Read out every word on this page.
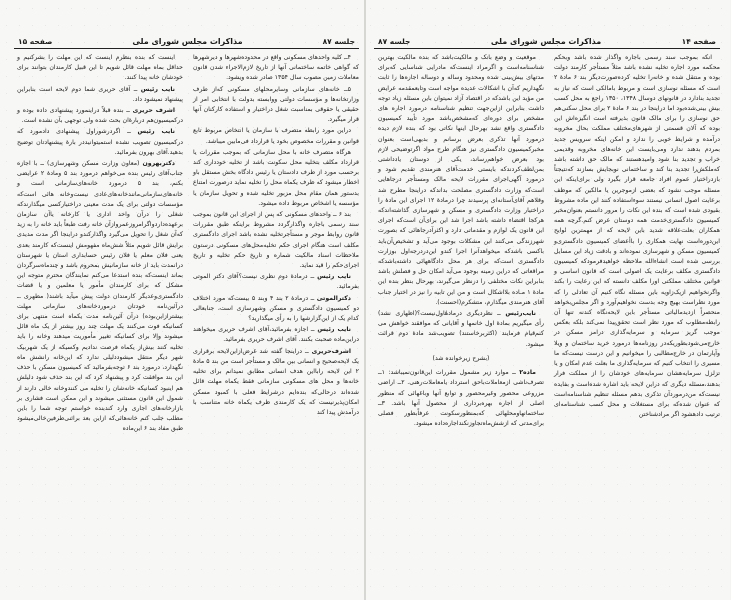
جلسه ۸۷
مذاکرات مجلس شورای ملی
صفحه ۱۵

۴ــ کلیه واحدهای مسکونی واقع در محدوده‌شهرها و دیرشهرها که گواهی خاتمه ساختمانی آنها از تاریخ لازم‌الاجراء شدن قانون معاملات زمین مصوب سال ۱۳۵۴ صادر شده ویشود.

۵ــ خانه‌های سازمانی وسایرمحلهای مسکونی که‌از طرف وزارتخانه‌ها و مؤسسات دولتی ووابسته بدولت با انتخابی امر از حقیقی یا حقوقی بمناسبت شغل دراختیار و استفاده کارکنان آنها قرار میگیرد.

دراین مورد رابطه متصرف با سازمان یا انتخاص مربوط تابع قوانین و مقررات مخصوص بخود یا قرارداد فی‌مابین میباشد.

هرگاه متصرف خانه با محل سازمانی که بموجب مقررات یا قرارداد مکلف بتخلیه محل سکونت باشد از تخلیه خودداری کند برحسب مورد از طرف دادستان یا رئیس دادگاه بخش مستقل باو اخطار میشود که ظرف یکماه محل را تخلیه نماید درصورت امتناع بدستور همان مقام محل مزبور تخلیه شده و تحویل سازمان یا مؤسسه یا اشخاص مربوط داده میشود.

بند ۶ ــ واحدهای مسکونی که پس از اجرای این قانون بموجب سند رسمی باجاره واگذارگردد مشروط براینکه طبق مقررات قانون روابط موجر و مستأجرتخلیه نشده باشد اجرای دادگستری مکلف است هنگام اجرای حکم تخلیه‌محل‌های مسکونی درستون ملاحظات اسناد مالکیت شماره و تاریخ حکم تخلیه و تاریخ اجرای‌حکم را قید نماید.

نایب رئیس ــ درمادهٔ دوم نظری نیست؟آقای دکتر الموتی بفرمائید.

دکترالموتی ــ درمادهٔ ۲ بند ۴ وبند ۵ بیست‌که مورد اختلاف دو کمیسیون دادگستری و مسکن وشهرسازی است، جنابعالی کدام یک از این‌گزارشها را به رأی میگذارید؟

نایب رئیس ــ اجازه بفرمائید،آقای اشرف حریری میخواهند دراین‌ماده صحبت بکنند. آقای اشرف حریری بفرمائید.

اشرف‌حریری ــ دراینجا گفته شد غرض‌ازاین‌لایحه برقراری یک لایحه‌صحیح و انسانی بین مالک و مستأجر است من بند ۵ مادهٔ ۲ این لایحه رابااین هدف انسانی مطابق نمیدانم برای تخلیه خانه‌ها و محل های مسکونی سازمانی فقط یکماه مهلت قائل شده‌اند درحالی‌که بنده‌ایم درشرایط فعلی با کمبود مسکن امکان‌پذیرنیست که یک کارمندی ظرف یکماه خانه متناسب با درآمدش پیدا کند

اینست که بنده بنظرم اینست که این مهلت را بشرکنیم و حداقل بماه مهلت قائل شویم تا این قبیل کارمندان بتوانند برای خودشان خانه پیدا کنند.

نایب رئیس ــ آقای حریری شما دوم لایحه است بنابراین پیشنهاد نمیشود داد.

اشرف حریری ــ بنده قبلاً دراینمورد پیشنهادی داده بوده و درکمیسیون‌هم دربارهٔ‌ان بحث شده ولی توجهی بآن نشده است.

نایب رئیس ــ اگردرشوراول پیشنهادی دادمورد که درکمیسیون تصویب نشده استمیتوانیددر بارهٔ پیشنهادتان توضیح بدهید.آقای بهرون بفرمائید.

دکتربهرون (معاون وزارت مسکن وشهرسازی) ــ با اجازه جناب‌آقای رئیس بنده می‌خواهم درمورد بند ۵ ومادهٔ ۲ عرایضی بکنم، بند ۵ درمورد خانه‌های‌سازمانی است و خانه‌های‌سازمانی‌مانندخانه‌های‌عادی نیست‌وخانه هائی است‌که مؤسسات دولتی برای یک مدت معینی دراختیارکسی میگذارند‌که شغلی را درآن واحد اداری یا کارخانه یاآن سازمان برعهده‌داردواگرامروزعمرواز‌آن خانه رفت طبعاً باید خانه را به زید که‌آن شغل را تحویل می‌گیرد واگذارکندو دراینجا اگر مدت مدیدی برایش قائل شویم مثلاً شش‌ماه مفهومش اینست‌که کارمند بعدی یعنی فلان معلم یا فلان رئیس حسابداری استان یا شهرستان درانمدت باید از خانه سازمانیش بمحروم باشد و چندماه‌سرگردان بماند اینست‌که بنده استدعا می‌کنم نمایندگان محترم متوجه این مشکل که برای کارمندان مأمور یا معلمین و یا قضات دادگستری‌وعدیگر کارمندان دولت پیش میآید باشند( مطهری ــ درآئین‌نامه خودتان درموردخانه‌های سازمانی مهلت بیشترازاین‌بوده) درآن آئین‌نامه مدت یکماه است منتهی برای کسانیکه فوت می‌کنند یک مهلت چند روز بیشتر از یک ماه قائل میشوند واِلا برای کسانیکه تغییر مأموریت میدهند وخانه را باید تخلیه کنند بیش‌از یکماه فرصت ندادیم وکسیکه از یک شهربیک شهر دیگر منتقل میشوددلیلی ندارد که این‌خانه رانشش ماه نگهدارد، درمورد بند ۶ توجه‌بفرمائید که کمیسیون مسکن با حذف این بند موافقت کرد و پیشنهاد کرد که این بند حذف شود دلیلش هم اینبود کسانیکه خانه‌شان را تخلیه می کنندوخانه خالی دارند از شمول این قانون مستثنی میشوند و این ممکن است فشاری بر بازارخانه‌های اجاری وارد کندبنده خواستم توجه شما را باین مطلب جلب کنم خانه‌هائی‌که ازاین بعد براثنی‌طرفین‌خالی‌میشود طبق مفاد بند ۶ این‌ماده

صفحه ۱۴
مذاکرات مجلس شورای ملی
جلسه ۸۷

انکه بموجب سند رسمی باجاره واگذار شده باشد وبحکم محکمه مورد اجاره تخلیه نشده باشد مثلاً مستأجر کارمند دولت بوده و منتقل شده و خانه‌را تخلیه کرده‌صورت‌دیگر بند ۶ مادهٔ ۲ است که مسئله نوسازی است و مربوط بامالکی است که نیاز به تجدید بنادارد در قانونهای دوسال ۱۳۴۸، ۱۳۵۰ راجع به محل کسب بیش بینی‌شده‌بود اما دراینجا در بند ۶ مادهٔ ۲ برای محل سکنی‌هم حق نوسازی را برای مالک قانون بذیرفته است انگیزه‌اش این بوده که آلان قسمتی از شهرهای‌مختلف مملکت بحال مخروبه درآمده و شرایط خوبی را ندارد و امکن اینکه سرویس جدید بمردم بدهند ندارد ومی‌بایست این خانه‌های مخروبه وقدیمی خراب و تجدید بنا شود وامیدهستند که مالک حق داشته باشد که‌ملکش‌را تجدید بنا کند و ساختمانی نوبجایش بسازند که‌نتیجتاً بازدراختیار عموم افراد جامعه قرار بگیرد ولی برای‌اینکه این مسئله موجب نشود که بعضی ازموجرین یا مالکین که موظف برعایت اصول انسانی نیستند سوءاستفاده کنند این ماده مشروط بقیودی شده است که بنده این نکات را مرور دانستم بعنوان‌مخبر کمیسیون دادگستری‌خدمت همه دوستان عرض کنم.گرچه همه همکاران بعلت‌علاقه شدید باین لایحه که از مهمترین لوایح این‌دوره‌است نهایت همکاری را باأعضای کمیسیون دادگستری‌و کمیسیون مسکن و شهرسازی نموده‌اند و بادقت زیاد این مسایل بررسی شده است انشاءالله ملاحظه خواهیدفرمودکه کمیسیون دادگستری مکلف برعایت یک اصولی است که قانون اساسی و قوانین مختلف مملکتی اورا مکلف دانسته که این رعایت را بکند واگرنخواهیم ازیک‌زاویه باین مسئله نگاه کنیم آن تعادلی را که مورد نظراست بهیچ وجه بدست نخواهیم‌آورد و اگر مجلس‌بخواهد منحصراً ازدیدمالیاتی مستأجر باین لایحه‌نگاه کندنه تنها آن رابطه‌مطلوب که مورد نظر است تحقق‌پیدا نمی‌کند بلکه بعکس موجب گریز سرمایه و سرمایه‌گذاری درامر مسکن در خارج‌می‌شودبطوریکه‌در روزنامه‌ها درمورد خرید ساختمان و ویلا وآپارتمان در خارج‌مطالبی را میخوانیم و این درست نیست‌که ما مسیری را انتخاب کنیم که سرمایه‌گذاری ما بعلت عدم امکان و یا تزلزل سرمایه‌هشان سرمایه‌های خودشان را از مملکت فرار بدهند،مسئله دیگری که دراین لایحه باید اشاره شده‌است و بفایده نیست‌که من‌درموردآن تذکری بدهم مسئله تنظیم شناسنامه‌است که عنوان شده‌که برای مستغلات و محل کسب شناسنامه‌ای ترتیب دادهشود اگر مرادشناختن

موقعیت و وضع بانک و مالکیت‌باشد که بنده مالکیت بهترین شناسنامه‌است و اگرمراد اینست‌که مادرایی شناسایی که‌برای مدتهای بیش‌بینی شده ومحدود وساله و دوساله اجاره‌ها را ثابت نگهداریم که‌آن با اشکالات عدیده مواجه است وتابعمقدمه عرایض من مؤید این باشدکه در اقتصاد آزاد نمیتوان باین مسئله زیاد توجه داشت بنابراین ازاین‌جهت تنظیم شناسنامه درمورد اجاره های مشخص برای دوره‌ای که‌مشخص‌باشد مورد تأیید کمیسیون دادگستری واقع نشد بهرحال اینها نکاتی بود که بنده لازم دیده درمورد آنها تذکری بعرض برسانم و بدیهی‌است بعنوان مخبرکمیسیون دادگستری نیز هنگام طرح مواد اگرتوضیحی لازم بود بعرض خواهم‌رساند، یکی از دوستان یادداشتی بمن‌لطف‌کردند‌که بایستی خدمت‌آقای هنرمندی تقدیم شود و درمورد آگهی‌اجرای مقررات لایحه مالک ومستأجر درجاهایی است‌که وزارت دادگستری مصلحت بداندکه دراینجا مطرح شد وقلاهم آقای‌آستانه‌ای پرسیدند چرا درمادهٔ ۱۲ اجرای این مادهٔ را دراختیار وزارت دادگستری و مسکن و شهرسازی گذاشته‌اندکه هرکجا اقتضاء داشته باشد اجرا شد این برای‌آن است‌که اجرای این قانون یک لوازم و مقدماتی دارد و اکثرآدرجاهائی که بصورت شهرزندگی می‌کنند این مشکلات بوجود می‌آید و تشخیص‌آن‌باید باکسی باشدکه میخواهدآنرا اجرا کندو این‌دردرجه‌اول بوزارت دادگستری است‌که برای هر محل دادگاههائی داشته‌باشدکه مراقعاتی که دراین زمینه بوجود می‌آید امکان حل و فصلش باشد بنابراین نکات مختلفی را درنظر می‌گیرند، بهرحال بنظر بنده این مادهٔ ۱ مـاده بلااشکال است و من این تابیه را نیز در اختیار جناب آقای هنرمندی میگذارم، متشکرم(احسنت).

نایب‌رئیس ــ نظردیگری درمادهٔاول‌نیست؟(اظهاری نشد) رأی میگیریم بمادهٔ اول خانمها و آقایانی که موافقند خواهش می کنم‌قیام فرمایند (اکثربرخاستند) تصویب‌شد مادهٔ دوم قرائت میشود.

(بشرح زیرخوانده شد)

ماده۲ ــ موارد زیر مشمول مقررات این‌قانون‌نمیباشد: ۱ــ تصرف‌ناشی ازمعاملات‌باحق استرداد یامعاملات‌رهنی. ۲ــ اراضی مزروعی محصور وغیرمحصور و توابع آنها وباغهائی که منظور اصلی از اجاره بهره‌برداری از محصول آنها باشد. ۳ــ ساختمانهاومحلهائی که‌بمنظورسکونت عرفاًبطور فصلی برای‌مدتی که ازشش‌ماه‌تجاوزنکنداجاره‌داده میشود.
